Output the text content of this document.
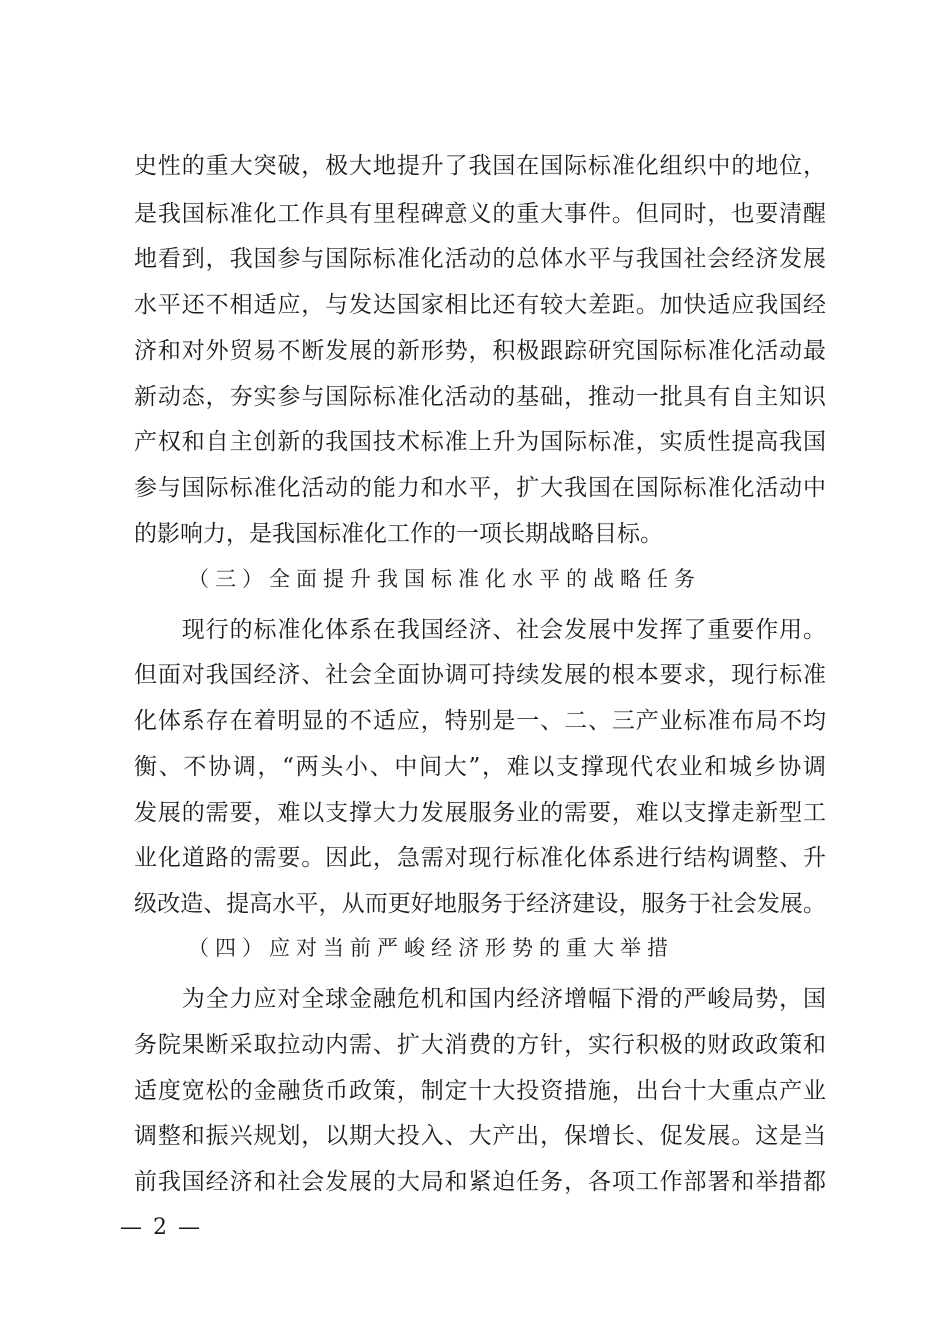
史性的重大突破，极大地提升了我国在国际标准化组织中的地位，
是我国标准化工作具有里程碑意义的重大事件。但同时，也要清醒
地看到，我国参与国际标准化活动的总体水平与我国社会经济发展
水平还不相适应，与发达国家相比还有较大差距。加快适应我国经
济和对外贸易不断发展的新形势，积极跟踪研究国际标准化活动最
新动态，夯实参与国际标准化活动的基础，推动一批具有自主知识
产权和自主创新的我国技术标准上升为国际标准，实质性提高我国
参与国际标准化活动的能力和水平，扩大我国在国际标准化活动中
的影响力，是我国标准化工作的一项长期战略目标。
（三）全面提升我国标准化水平的战略任务
　　现行的标准化体系在我国经济、社会发展中发挥了重要作用。
但面对我国经济、社会全面协调可持续发展的根本要求，现行标准
化体系存在着明显的不适应，特别是一、二、三产业标准布局不均
衡、不协调，“两头小、中间大”，难以支撑现代农业和城乡协调
发展的需要，难以支撑大力发展服务业的需要，难以支撑走新型工
业化道路的需要。因此，急需对现行标准化体系进行结构调整、升
级改造、提高水平，从而更好地服务于经济建设，服务于社会发展。
（四）应对当前严峻经济形势的重大举措
　　为全力应对全球金融危机和国内经济增幅下滑的严峻局势，国
务院果断采取拉动内需、扩大消费的方针，实行积极的财政政策和
适度宽松的金融货币政策，制定十大投资措施，出台十大重点产业
调整和振兴规划，以期大投入、大产出，保增长、促发展。这是当
前我国经济和社会发展的大局和紧迫任务，各项工作部署和举措都
— 2 —
